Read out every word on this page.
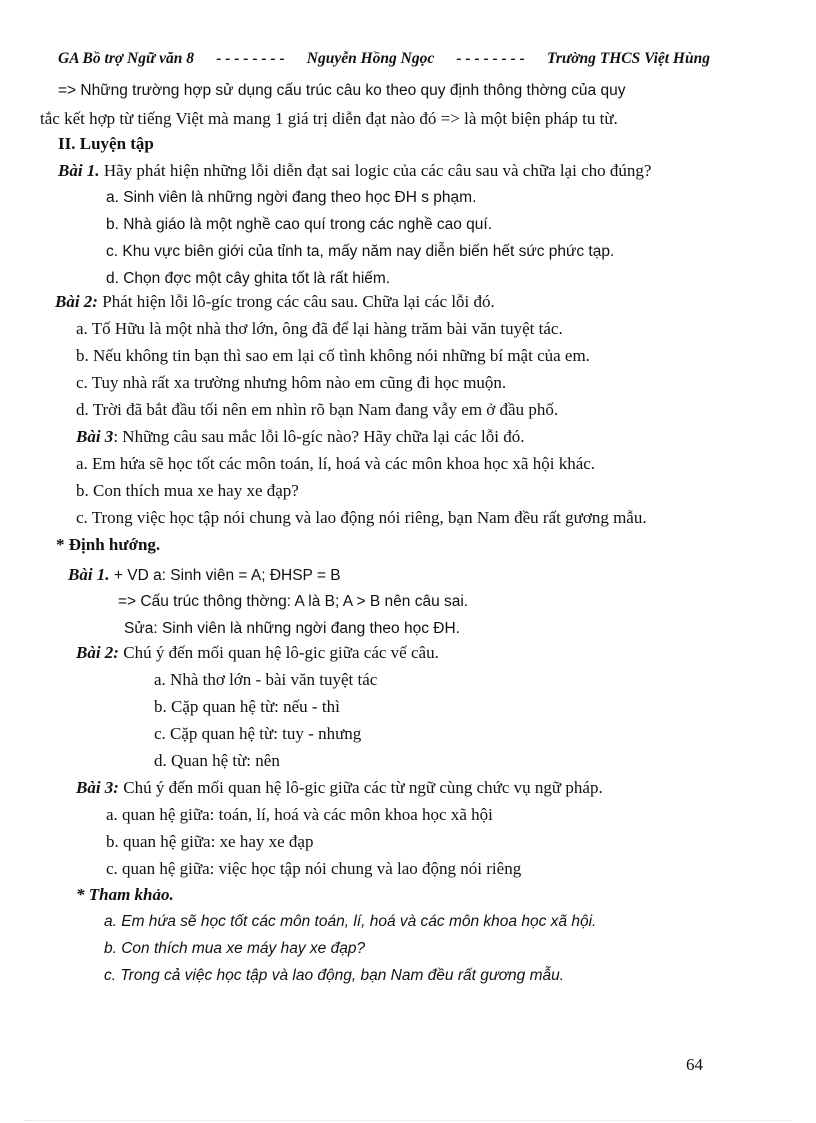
GA Bồ trợ Ngữ văn 8 - - - - - - - - Nguyễn Hồng Ngọc - - - - - - - - Trường THCS Việt Hùng
=> Những trường hợp sử dụng cấu trúc câu ko theo quy định thông thờng của quy
tắc kết hợp từ tiếng Việt mà mang 1 giá trị diễn đạt nào đó => là một biện pháp tu từ.
II. Luyện tập
Bài 1. Hãy phát hiện những lỗi diễn đạt sai logic của các câu sau và chữa lại cho đúng?
a. Sinh viên là những ngời đang theo học ĐH s phạm.
b. Nhà giáo là một nghề cao quí trong các nghề cao quí.
c. Khu vực biên giới của tỉnh ta, mấy năm nay diễn biến hết sức phức tạp.
d. Chọn đợc một cây ghita tốt là rất hiếm.
Bài 2: Phát hiện lỗi lô-gíc trong các câu sau. Chữa lại các lỗi đó.
a. Tố Hữu là một nhà thơ lớn, ông đã để lại hàng trăm bài văn tuyệt tác.
b. Nếu không tin bạn thì sao em lại cố tình không nói những bí mật của em.
c. Tuy nhà rất xa trường nhưng hôm nào em cũng đi học muộn.
d. Trời đã bắt đầu tối nên em nhìn rõ bạn Nam đang vẫy em ở đầu phố.
Bài 3: Những câu sau mắc lỗi lô-gíc nào? Hãy chữa lại các lỗi đó.
a. Em hứa sẽ học tốt các môn toán, lí, hoá và các môn khoa học xã hội khác.
b. Con thích mua xe hay xe đạp?
c. Trong việc học tập nói chung và lao động nói riêng, bạn Nam đều rất gương mẫu.
* Định hướng.
Bài 1. + VD a: Sinh viên = A; ĐHSP = B
=> Cấu trúc thông thờng: A là B; A > B nên câu sai.
Sửa: Sinh viên là những ngời đang theo học ĐH.
Bài 2: Chú ý đến mối quan hệ lô-gic giữa các vế câu.
a. Nhà thơ lớn - bài văn tuyệt tác
b. Cặp quan hệ từ: nếu - thì
c. Cặp quan hệ từ: tuy - nhưng
d. Quan hệ từ: nên
Bài 3: Chú ý đến mối quan hệ lô-gic giữa các từ ngữ cùng chức vụ ngữ pháp.
a. quan hệ giữa: toán, lí, hoá và các môn khoa học xã hội
b. quan hệ giữa: xe hay xe đạp
c. quan hệ giữa: việc học tập nói chung và lao động nói riêng
* Tham khảo.
a. Em hứa sẽ học tốt các môn toán, lí, hoá và các môn khoa học xã hội.
b. Con thích mua xe máy hay xe đạp?
c. Trong cả việc học tập và lao động, bạn Nam đều rất gương mẫu.
64
